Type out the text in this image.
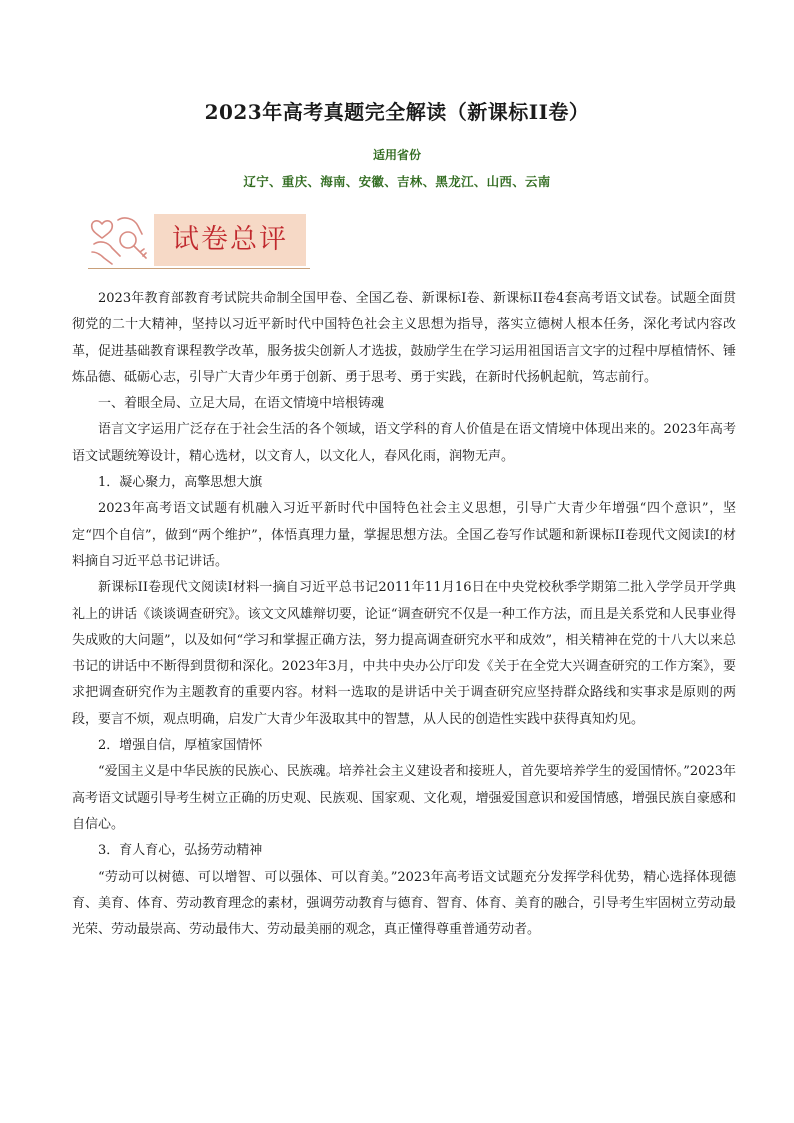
2023年高考真题完全解读（新课标II卷）
适用省份
辽宁、重庆、海南、安徽、吉林、黑龙江、山西、云南
试卷总评

2023年教育部教育考试院共命制全国甲卷、全国乙卷、新课标I卷、新课标II卷4套高考语文试卷。试题全面贯彻党的二十大精神，坚持以习近平新时代中国特色社会主义思想为指导，落实立德树人根本任务，深化考试内容改革，促进基础教育课程教学改革，服务拔尖创新人才选拔，鼓励学生在学习运用祖国语言文字的过程中厚植情怀、锤炼品德、砥砺心志，引导广大青少年勇于创新、勇于思考、勇于实践，在新时代扬帆起航，笃志前行。

一、着眼全局、立足大局，在语文情境中培根铸魂

语言文字运用广泛存在于社会生活的各个领域，语文学科的育人价值是在语文情境中体现出来的。2023年高考语文试题统筹设计，精心选材，以文育人，以文化人，春风化雨，润物无声。

1．凝心聚力，高擎思想大旗

2023年高考语文试题有机融入习近平新时代中国特色社会主义思想，引导广大青少年增强“四个意识”，坚定“四个自信”，做到“两个维护”，体悟真理力量，掌握思想方法。全国乙卷写作试题和新课标II卷现代文阅读I的材料摘自习近平总书记讲话。

新课标II卷现代文阅读I材料一摘自习近平总书记2011年11月16日在中央党校秋季学期第二批入学学员开学典礼上的讲话《谈谈调查研究》。该文文风雄辩切要，论证“调查研究不仅是一种工作方法，而且是关系党和人民事业得失成败的大问题”，以及如何“学习和掌握正确方法，努力提高调查研究水平和成效”，相关精神在党的十八大以来总书记的讲话中不断得到贯彻和深化。2023年3月，中共中央办公厅印发《关于在全党大兴调查研究的工作方案》，要求把调查研究作为主题教育的重要内容。材料一选取的是讲话中关于调查研究应坚持群众路线和实事求是原则的两段，要言不烦，观点明确，启发广大青少年汲取其中的智慧，从人民的创造性实践中获得真知灼见。

2．增强自信，厚植家国情怀

“爱国主义是中华民族的民族心、民族魂。培养社会主义建设者和接班人，首先要培养学生的爱国情怀。”2023年高考语文试题引导考生树立正确的历史观、民族观、国家观、文化观，增强爱国意识和爱国情感，增强民族自豪感和自信心。

3．育人育心，弘扬劳动精神

“劳动可以树德、可以增智、可以强体、可以育美。”2023年高考语文试题充分发挥学科优势，精心选择体现德育、美育、体育、劳动教育理念的素材，强调劳动教育与德育、智育、体育、美育的融合，引导考生牢固树立劳动最光荣、劳动最崇高、劳动最伟大、劳动最美丽的观念，真正懂得尊重普通劳动者。
